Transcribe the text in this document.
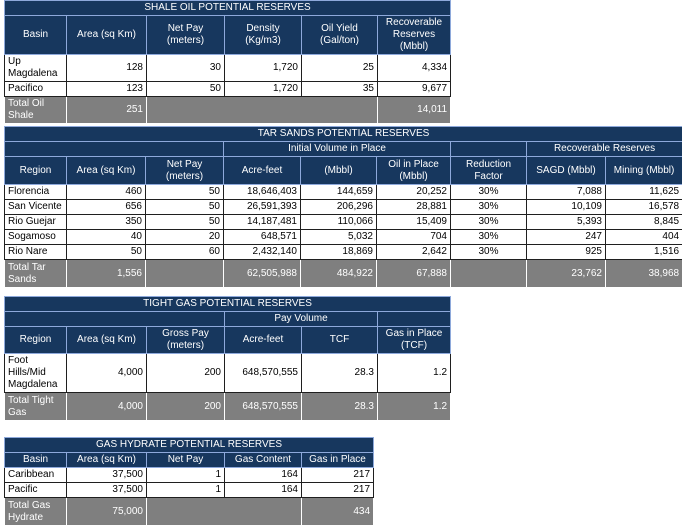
SHALE OIL POTENTIAL RESERVES					
Basin	Area (sq Km)	Net Pay (meters)	Density (Kg/m3)	Oil Yield (Gal/ton)	Recoverable Reserves (Mbbl)
Up Magdalena	128	30	1,720	25	4,334
Pacifico	123	50	1,720	35	9,677
Total Oil Shale	251				14,011
TAR SANDS POTENTIAL RESERVES								
			Initial Volume in Place				Recoverable Reserves	
Region	Area (sq Km)	Net Pay (meters)	Acre-feet	(Mbbl)	Oil in Place (Mbbl)	Reduction Factor	SAGD (Mbbl)	Mining (Mbbl)
Florencia	460	50	18,646,403	144,659	20,252	30%	7,088	11,625
San Vicente	656	50	26,591,393	206,296	28,881	30%	10,109	16,578
Rio Guejar	350	50	14,187,481	110,066	15,409	30%	5,393	8,845
Sogamoso	40	20	648,571	5,032	704	30%	247	404
Rio Nare	50	60	2,432,140	18,869	2,642	30%	925	1,516
Total Tar Sands	1,556		62,505,988	484,922	67,888		23,762	38,968
TIGHT GAS POTENTIAL RESERVES					
			Pay Volume		
Region	Area (sq Km)	Gross Pay (meters)	Acre-feet	TCF	Gas in Place (TCF)
Foot Hills/Mid Magdalena	4,000	200	648,570,555	28.3	1.2
Total Tight Gas	4,000	200	648,570,555	28.3	1.2
GAS HYDRATE POTENTIAL RESERVES				
Basin	Area (sq Km)	Net Pay	Gas Content	Gas in Place
Caribbean	37,500	1	164	217
Pacific	37,500	1	164	217
Total Gas Hydrate	75,000			434
